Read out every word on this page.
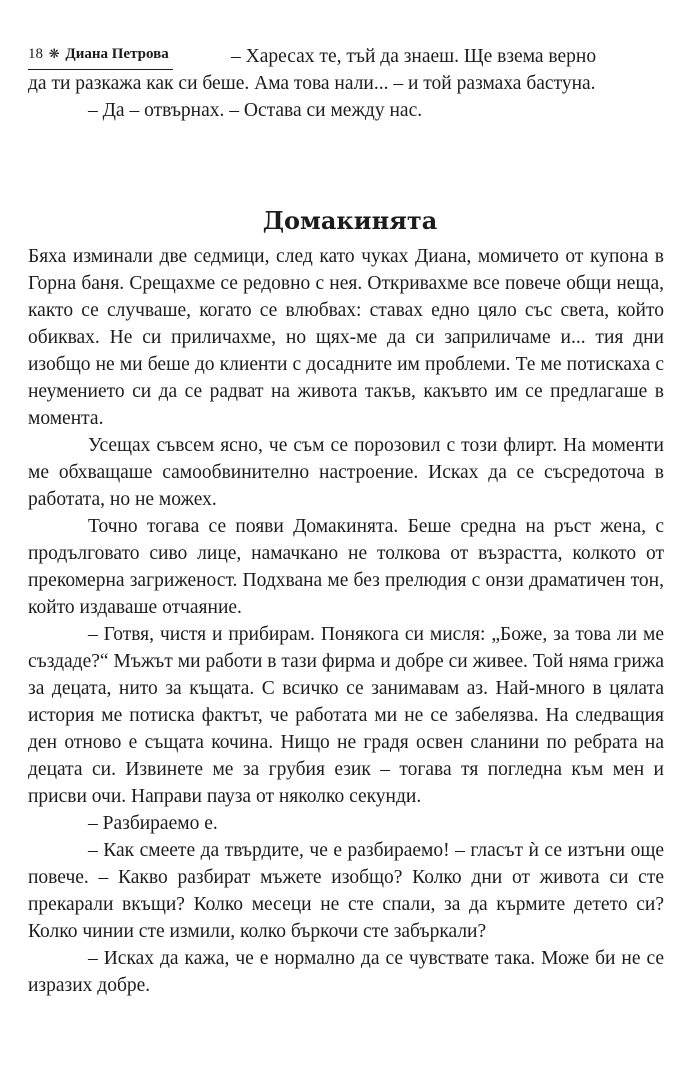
18 ❋ Диана Петрова	– Харесах те, тъй да знаеш. Ще взема верно

да ти разкажа как си беше. Ама това нали... – и той размаха бастуна.

– Да – отвърнах. – Остава си между нас.

Домакинята

Бяха изминали две седмици, след като чуках Диана, момичето от купона в Горна баня. Срещахме се редовно с нея. Откривахме все повече общи неща, както се случваше, когато се влюбвах: ставах едно цяло със света, който обиквах. Не си приличахме, но щях-ме да си заприличаме и... тия дни изобщо не ми беше до клиенти с досадните им проблеми. Те ме потискаха с неумението си да се радват на живота такъв, какъвто им се предлагаше в момента.

Усещах съвсем ясно, че съм се порозовил с този флирт. На моменти ме обхващаше самообвинително настроение. Исках да се съсредоточа в работата, но не можех.

Точно тогава се появи Домакинята. Беше средна на ръст жена, с продълговато сиво лице, намачкано не толкова от възрастта, колкото от прекомерна загриженост. Подхвана ме без прелюдия с онзи драматичен тон, който издаваше отчаяние.

– Готвя, чистя и прибирам. Понякога си мисля: „Боже, за това ли ме създаде?“ Мъжът ми работи в тази фирма и добре си живее. Той няма грижа за децата, нито за къщата. С всичко се занимавам аз. Най-много в цялата история ме потиска фактът, че работата ми не се забелязва. На следващия ден отново е същата кочина. Нищо не градя освен сланини по ребрата на децата си. Извинете ме за грубия език – тогава тя погледна към мен и присви очи. Направи пауза от няколко секунди.

– Разбираемо е.

– Как смеете да твърдите, че е разбираемо! – гласът ѝ се изтъни още повече. – Какво разбират мъжете изобщо? Колко дни от живота си сте прекарали вкъщи? Колко месеци не сте спали, за да кърмите детето си? Колко чинии сте измили, колко бъркочи сте забъркали?

– Исках да кажа, че е нормално да се чувствате така. Може би не се изразих добре.
